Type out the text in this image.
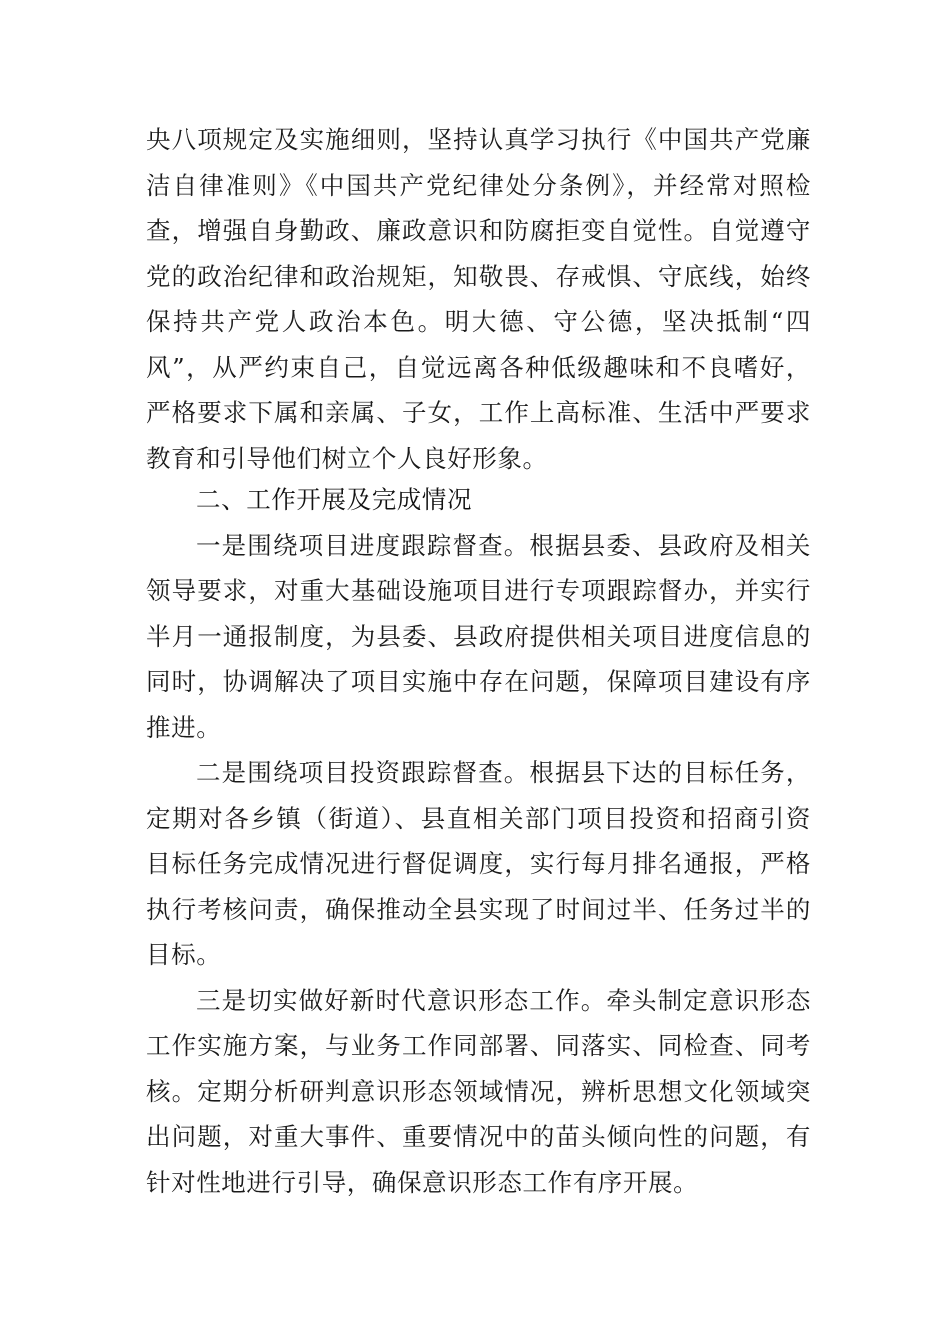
央八项规定及实施细则，坚持认真学习执行《中国共产党廉
洁自律准则》《中国共产党纪律处分条例》，并经常对照检
查，增强自身勤政、廉政意识和防腐拒变自觉性。自觉遵守
党的政治纪律和政治规矩，知敬畏、存戒惧、守底线，始终
保持共产党人政治本色。明大德、守公德，坚决抵制“四
风”，从严约束自己，自觉远离各种低级趣味和不良嗜好，
严格要求下属和亲属、子女，工作上高标准、生活中严要求
教育和引导他们树立个人良好形象。
二、工作开展及完成情况
一是围绕项目进度跟踪督查。根据县委、县政府及相关
领导要求，对重大基础设施项目进行专项跟踪督办，并实行
半月一通报制度，为县委、县政府提供相关项目进度信息的
同时，协调解决了项目实施中存在问题，保障项目建设有序
推进。
二是围绕项目投资跟踪督查。根据县下达的目标任务，
定期对各乡镇（街道）、县直相关部门项目投资和招商引资
目标任务完成情况进行督促调度，实行每月排名通报，严格
执行考核问责，确保推动全县实现了时间过半、任务过半的
目标。
三是切实做好新时代意识形态工作。牵头制定意识形态
工作实施方案，与业务工作同部署、同落实、同检查、同考
核。定期分析研判意识形态领域情况，辨析思想文化领域突
出问题，对重大事件、重要情况中的苗头倾向性的问题，有
针对性地进行引导，确保意识形态工作有序开展。
